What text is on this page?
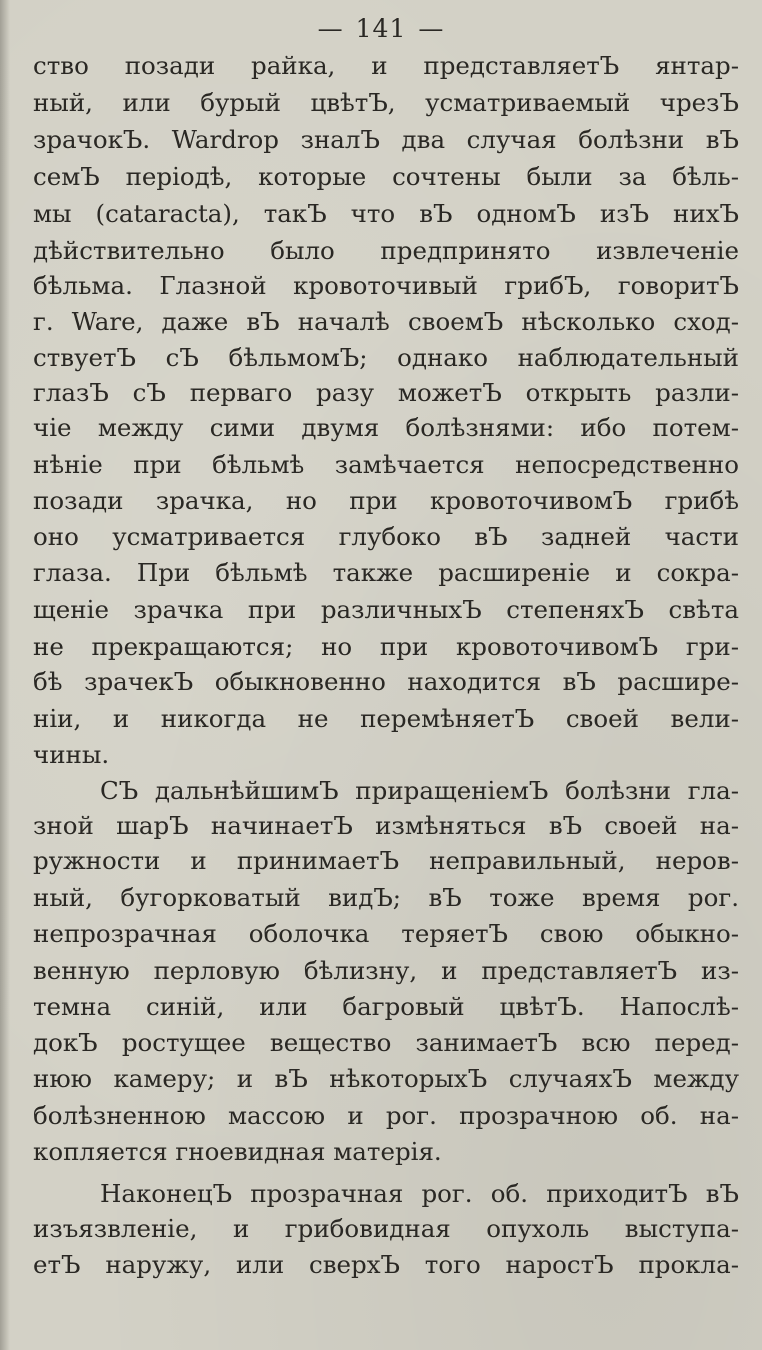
— 141 —
ство позади райка, и представляетЪ янтар-
ный, или бурый цвѣтЪ, усматриваемый чрезЪ
зрачокЪ. Wardrop зналЪ два случая болѣзни вЪ
семЪ періодѣ, которые сочтены были за бѣль-
мы (cataracta), такЪ что вЪ одномЪ изЪ нихЪ
дѣйствительно было предпринято извлеченіе
бѣльма. Глазной кровоточивый грибЪ, говоритЪ
г. Ware, даже вЪ началѣ своемЪ нѣсколько сход-
ствуетЪ сЪ бѣльмомЪ; однако наблюдательный
глазЪ сЪ перваго разу можетЪ открыть разли-
чіе между сими двумя болѣзнями: ибо потем-
нѣніе при бѣльмѣ замѣчается непосредственно
позади зрачка, но при кровоточивомЪ грибѣ
оно усматривается глубоко вЪ задней части
глаза. При бѣльмѣ также расширеніе и сокра-
щеніе зрачка при различныхЪ степеняхЪ свѣта
не прекращаются; но при кровоточивомЪ гри-
бѣ зрачекЪ обыкновенно находится вЪ расшире-
ніи, и никогда не перемѣняетЪ своей вели-
чины.
СЪ дальнѣйшимЪ приращеніемЪ болѣзни гла-
зной шарЪ начинаетЪ измѣняться вЪ своей на-
ружности и принимаетЪ неправильный, неров-
ный, бугорковатый видЪ; вЪ тоже время рог.
непрозрачная оболочка теряетЪ свою обыкно-
венную перловую бѣлизну, и представляетЪ из-
темна синій, или багровый цвѣтЪ. Напослѣ-
докЪ ростущее вещество занимаетЪ всю перед-
нюю камеру; и вЪ нѣкоторыхЪ случаяхЪ между
болѣзненною массою и рог. прозрачною об. на-
копляется гноевидная матерія.
НаконецЪ прозрачная рог. об. приходитЪ вЪ
изъязвленіе, и грибовидная опухоль выступа-
етЪ наружу, или сверхЪ того наростЪ прокла-
